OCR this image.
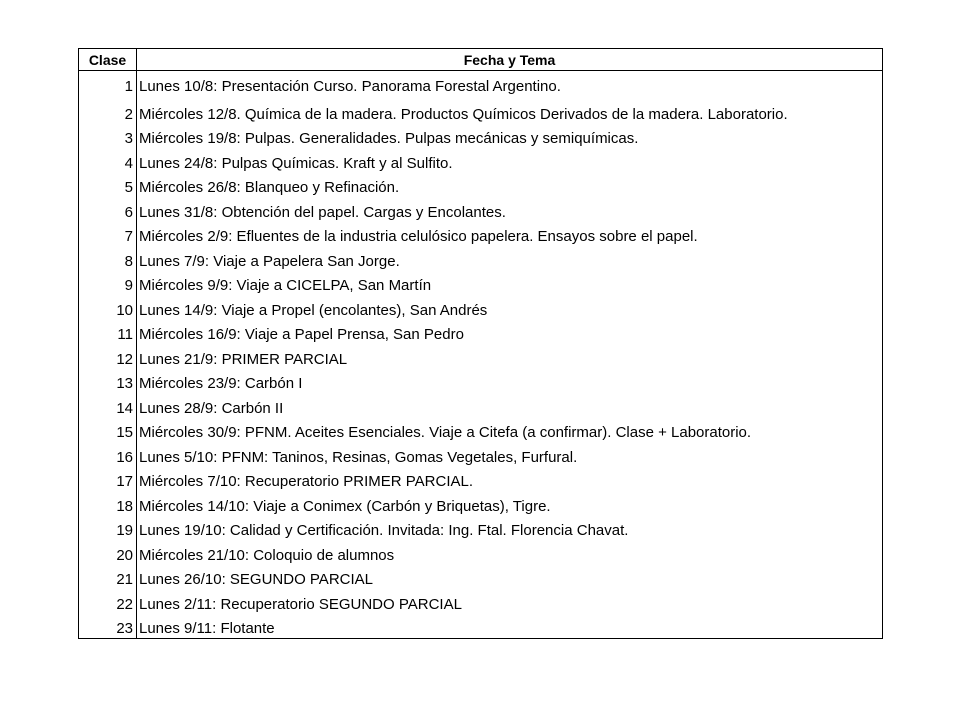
Clase	Fecha y Tema
1	Lunes 10/8: Presentación Curso. Panorama Forestal Argentino.
2	Miércoles 12/8. Química de la madera. Productos Químicos Derivados de la madera. Laboratorio.
3	Miércoles 19/8: Pulpas. Generalidades. Pulpas mecánicas y semiquímicas.
4	Lunes 24/8: Pulpas Químicas. Kraft y al Sulfito.
5	Miércoles 26/8: Blanqueo y Refinación.
6	Lunes 31/8: Obtención del papel. Cargas y Encolantes.
7	Miércoles 2/9: Efluentes de la industria celulósico papelera. Ensayos sobre el papel.
8	Lunes 7/9: Viaje a Papelera San Jorge.
9	Miércoles 9/9: Viaje a CICELPA, San Martín
10	Lunes 14/9: Viaje a Propel (encolantes), San Andrés
11	Miércoles 16/9: Viaje a Papel Prensa, San Pedro
12	Lunes 21/9: PRIMER PARCIAL
13	Miércoles 23/9: Carbón I
14	Lunes 28/9: Carbón II
15	Miércoles 30/9: PFNM. Aceites Esenciales. Viaje a Citefa (a confirmar). Clase + Laboratorio.
16	Lunes 5/10: PFNM: Taninos, Resinas, Gomas Vegetales, Furfural.
17	Miércoles 7/10: Recuperatorio PRIMER PARCIAL.
18	Miércoles 14/10: Viaje a Conimex (Carbón y Briquetas), Tigre.
19	Lunes 19/10: Calidad y Certificación. Invitada: Ing. Ftal. Florencia Chavat.
20	Miércoles 21/10: Coloquio de alumnos
21	Lunes 26/10: SEGUNDO PARCIAL
22	Lunes 2/11: Recuperatorio SEGUNDO PARCIAL
23	Lunes 9/11: Flotante
